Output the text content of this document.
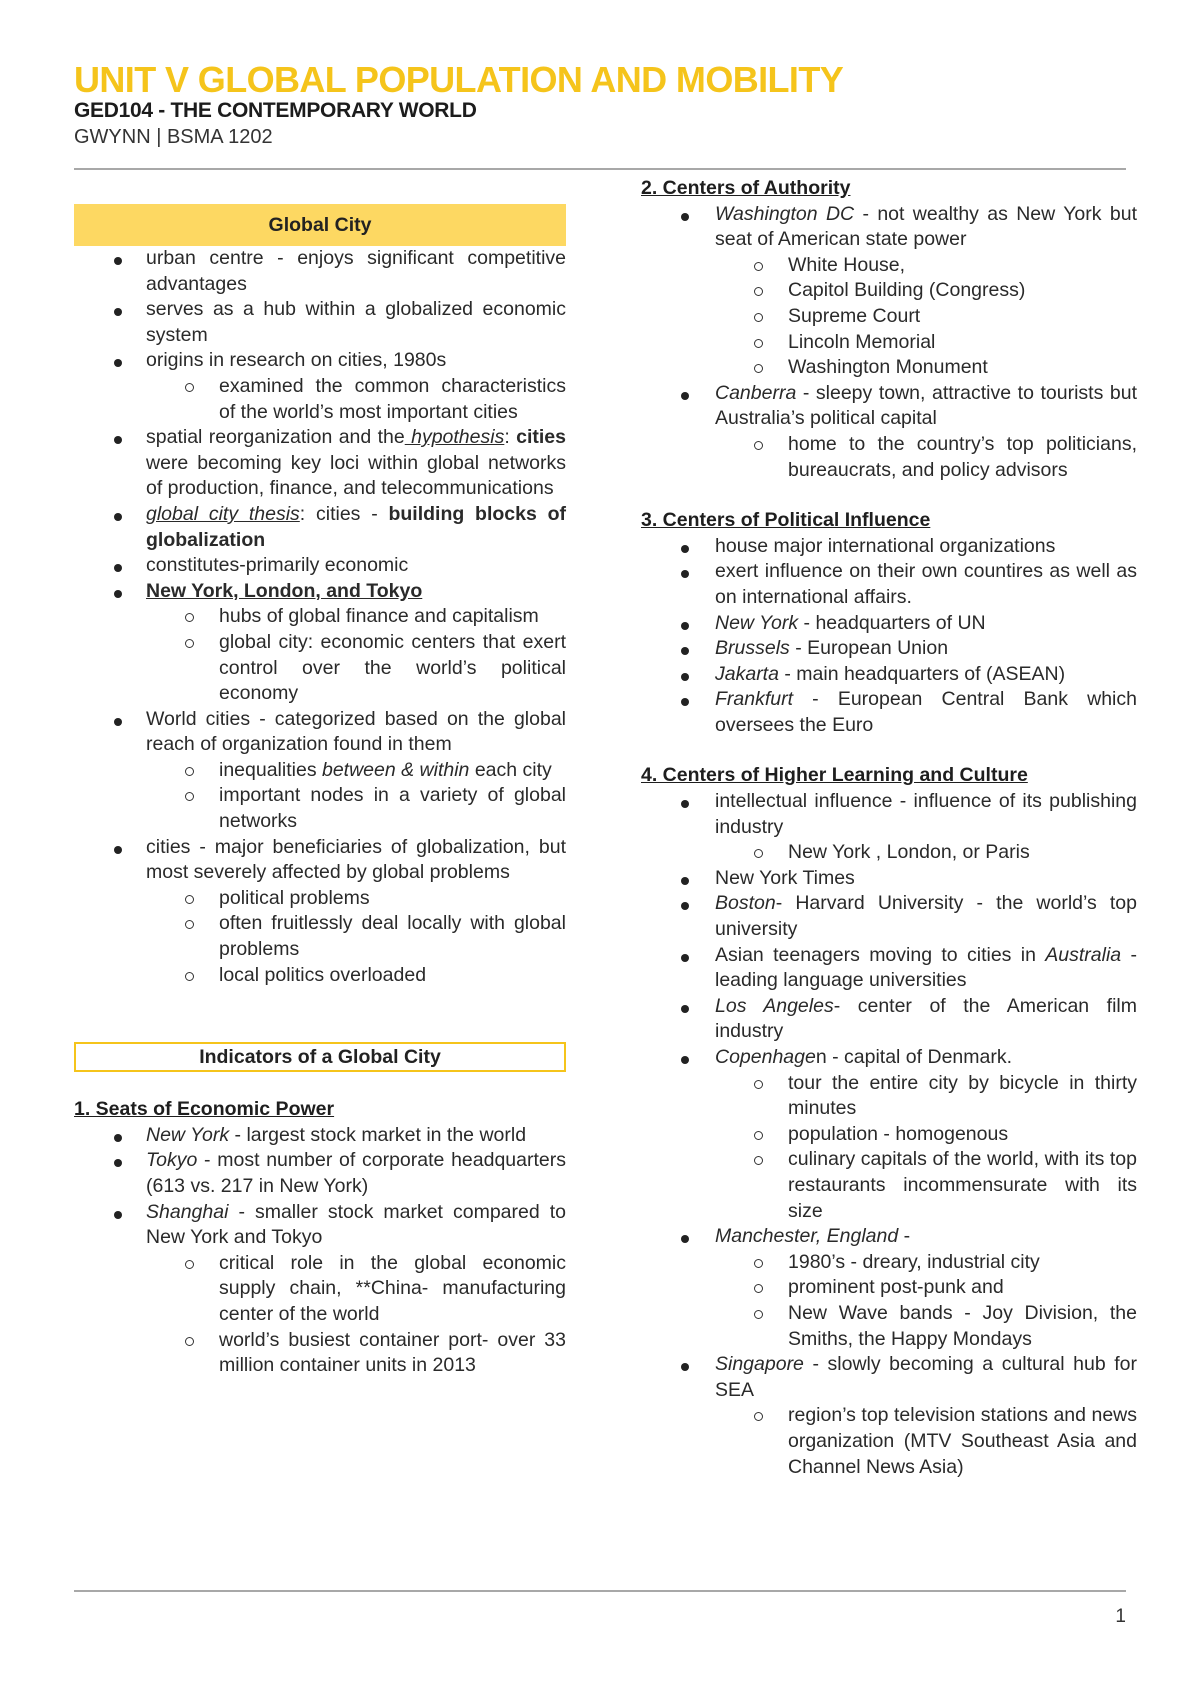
UNIT V GLOBAL POPULATION AND MOBILITY
GED104 - THE CONTEMPORARY WORLD
GWYNN | BSMA 1202
Global City
urban centre - enjoys significant competitive advantages
serves as a hub within a globalized economic system
origins in research on cities, 1980s
examined the common characteristics of the world’s most important cities
spatial reorganization and the hypothesis: cities were becoming key loci within global networks of production, finance, and telecommunications
global city thesis: cities - building blocks of globalization
constitutes-primarily economic
New York, London, and Tokyo
hubs of global finance and capitalism
global city: economic centers that exert control over the world’s political economy
World cities - categorized based on the global reach of organization found in them
inequalities between & within each city
important nodes in a variety of global networks
cities - major beneficiaries of globalization, but most severely affected by global problems
political problems
often fruitlessly deal locally with global problems
local politics overloaded
Indicators of a Global City
1. Seats of Economic Power
New York - largest stock market in the world
Tokyo - most number of corporate headquarters (613 vs. 217 in New York)
Shanghai - smaller stock market compared to New York and Tokyo
critical role in the global economic supply chain, **China- manufacturing center of the world
world’s busiest container port- over 33 million container units in 2013
2. Centers of Authority
Washington DC - not wealthy as New York but seat of American state power
White House,
Capitol Building (Congress)
Supreme Court
Lincoln Memorial
Washington Monument
Canberra - sleepy town, attractive to tourists but Australia’s political capital
home to the country’s top politicians, bureaucrats, and policy advisors
3. Centers of Political Influence
house major international organizations
exert influence on their own countires as well as on international affairs.
New York - headquarters of UN
Brussels - European Union
Jakarta - main headquarters of (ASEAN)
Frankfurt - European Central Bank which oversees the Euro
4. Centers of Higher Learning and Culture
intellectual influence - influence of its publishing industry
New York , London, or Paris
New York Times
Boston- Harvard University - the world’s top university
Asian teenagers moving to cities in Australia - leading language universities
Los Angeles- center of the American film industry
Copenhagen - capital of Denmark.
tour the entire city by bicycle in thirty minutes
population - homogenous
culinary capitals of the world, with its top restaurants incommensurate with its size
Manchester, England -
1980’s - dreary, industrial city
prominent post-punk and
New Wave bands - Joy Division, the Smiths, the Happy Mondays
Singapore - slowly becoming a cultural hub for SEA
region’s top television stations and news organization (MTV Southeast Asia and Channel News Asia)
1
